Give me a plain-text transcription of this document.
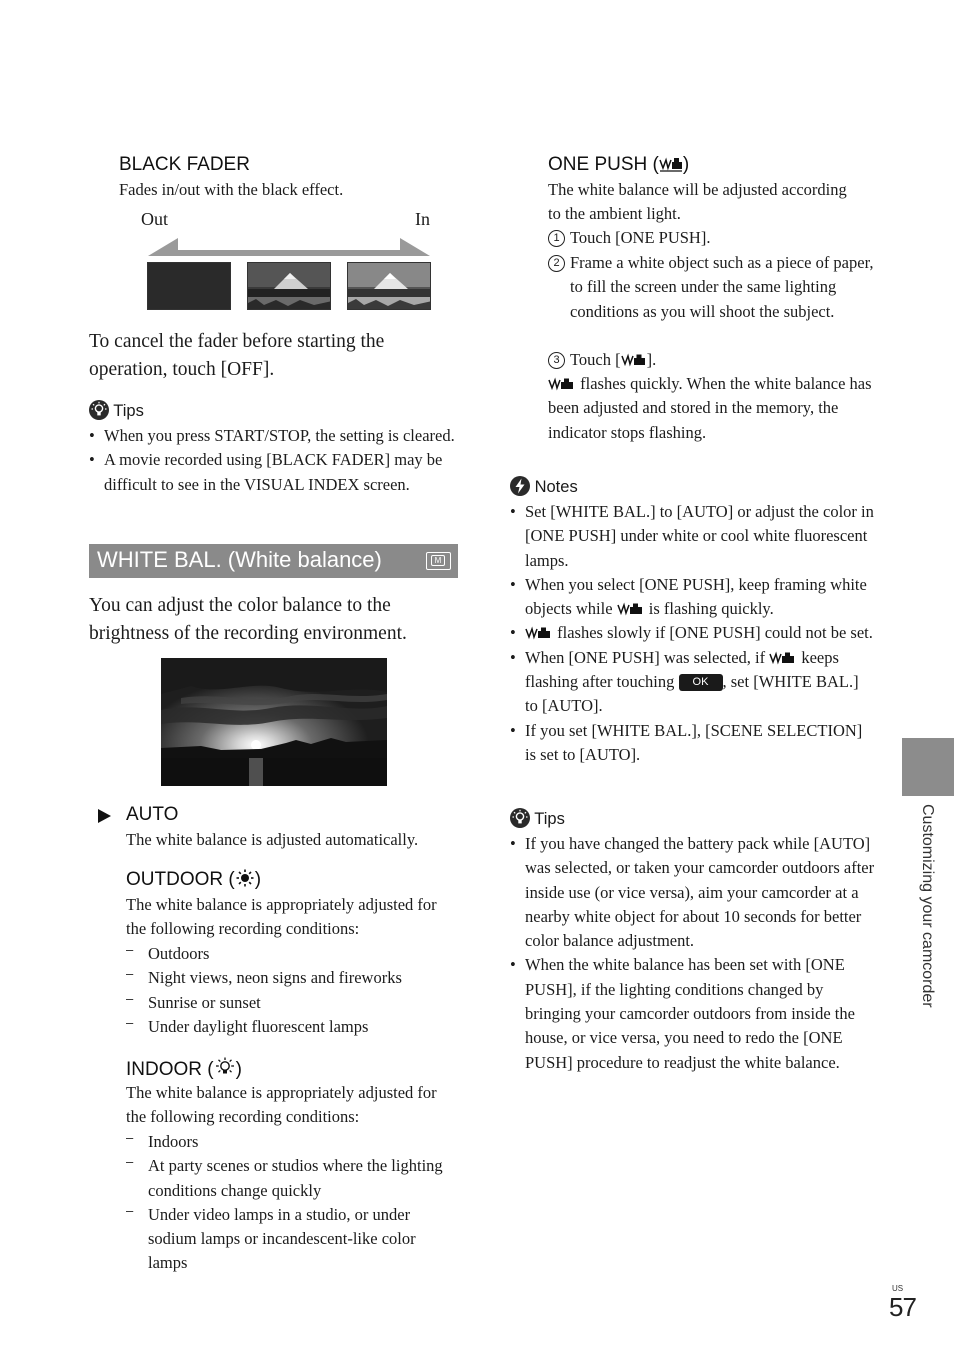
BLACK FADER
Fades in/out with the black effect.
Out	In
To cancel the fader before starting the operation, touch [OFF].
Tips
• When you press START/STOP, the setting is cleared.
• A movie recorded using [BLACK FADER] may be difficult to see in the VISUAL INDEX screen.
WHITE BAL. (White balance)	M
You can adjust the color balance to the brightness of the recording environment.
AUTO
The white balance is adjusted automatically.
OUTDOOR ( )
The white balance is appropriately adjusted for the following recording conditions:
– Outdoors
– Night views, neon signs and fireworks
– Sunrise or sunset
– Under daylight fluorescent lamps
INDOOR ( )
The white balance is appropriately adjusted for the following recording conditions:
– Indoors
– At party scenes or studios where the lighting conditions change quickly
– Under video lamps in a studio, or under sodium lamps or incandescent-like color lamps
ONE PUSH ( )
The white balance will be adjusted according to the ambient light.
1 Touch [ONE PUSH].
2 Frame a white object such as a piece of paper, to fill the screen under the same lighting conditions as you will shoot the subject.
3 Touch [ ].
flashes quickly. When the white balance has been adjusted and stored in the memory, the indicator stops flashing.
Notes
• Set [WHITE BAL.] to [AUTO] or adjust the color in [ONE PUSH] under white or cool white fluorescent lamps.
• When you select [ONE PUSH], keep framing white objects while  is flashing quickly.
• flashes slowly if [ONE PUSH] could not be set.
• When [ONE PUSH] was selected, if  keeps flashing after touching OK , set [WHITE BAL.] to [AUTO].
• If you set [WHITE BAL.], [SCENE SELECTION] is set to [AUTO].
Tips
• If you have changed the battery pack while [AUTO] was selected, or taken your camcorder outdoors after inside use (or vice versa), aim your camcorder at a nearby white object for about 10 seconds for better color balance adjustment.
• When the white balance has been set with [ONE PUSH], if the lighting conditions changed by bringing your camcorder outdoors from inside the house, or vice versa, you need to redo the [ONE PUSH] procedure to readjust the white balance.
Customizing your camcorder
US
57
